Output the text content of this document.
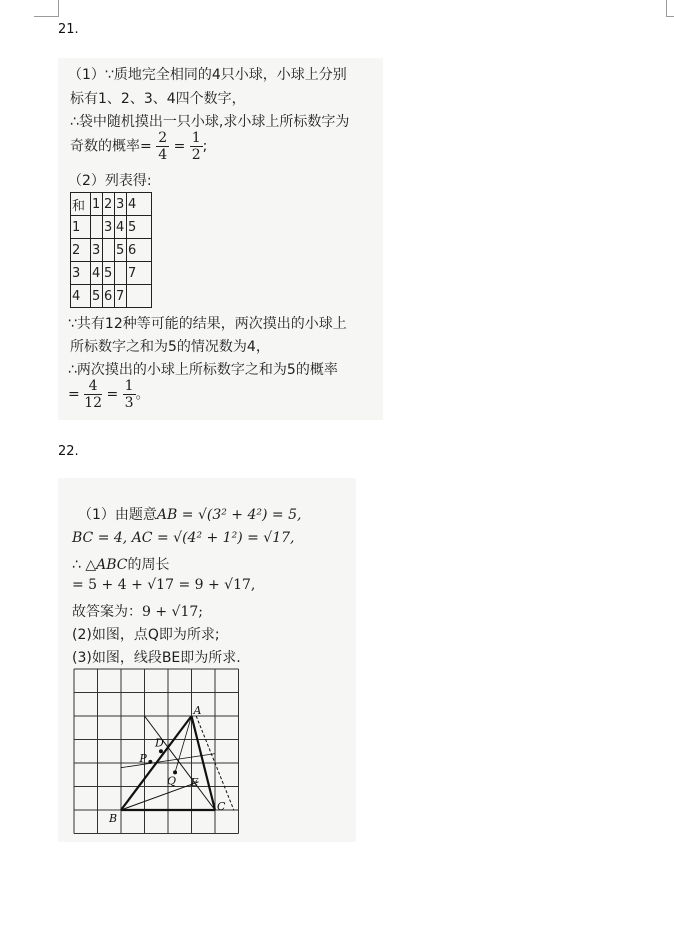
21.
（1）∵质地完全相同的4只小球，小球上分别
标有1、2、3、4四个数字，
∴袋中随机摸出一只小球,求小球上所标数字为
奇数的概率= $\frac{2}{4} = \frac{1}{2}$ ;
（2）列表得:
和	1	2	3	4
1		3	4	5
2	3		5	6
3	4	5		7
4	5	6	7	
∵共有12种等可能的结果，两次摸出的小球上
所标数字之和为5的情况数为4，
∴两次摸出的小球上所标数字之和为5的概率
= $\frac{4}{12} = \frac{1}{3}$ 。
22.
（1）由题意AB = √(3² + 4²) = 5,
BC = 4, AC = √(4² + 1²) = √17,
∴ △ABC的周长
= 5 + 4 + √17 = 9 + √17,
故答案为：9 + √17;
(2)如图，点Q即为所求;
(3)如图，线段BE即为所求.
A
B
C
D
E
P
Q
